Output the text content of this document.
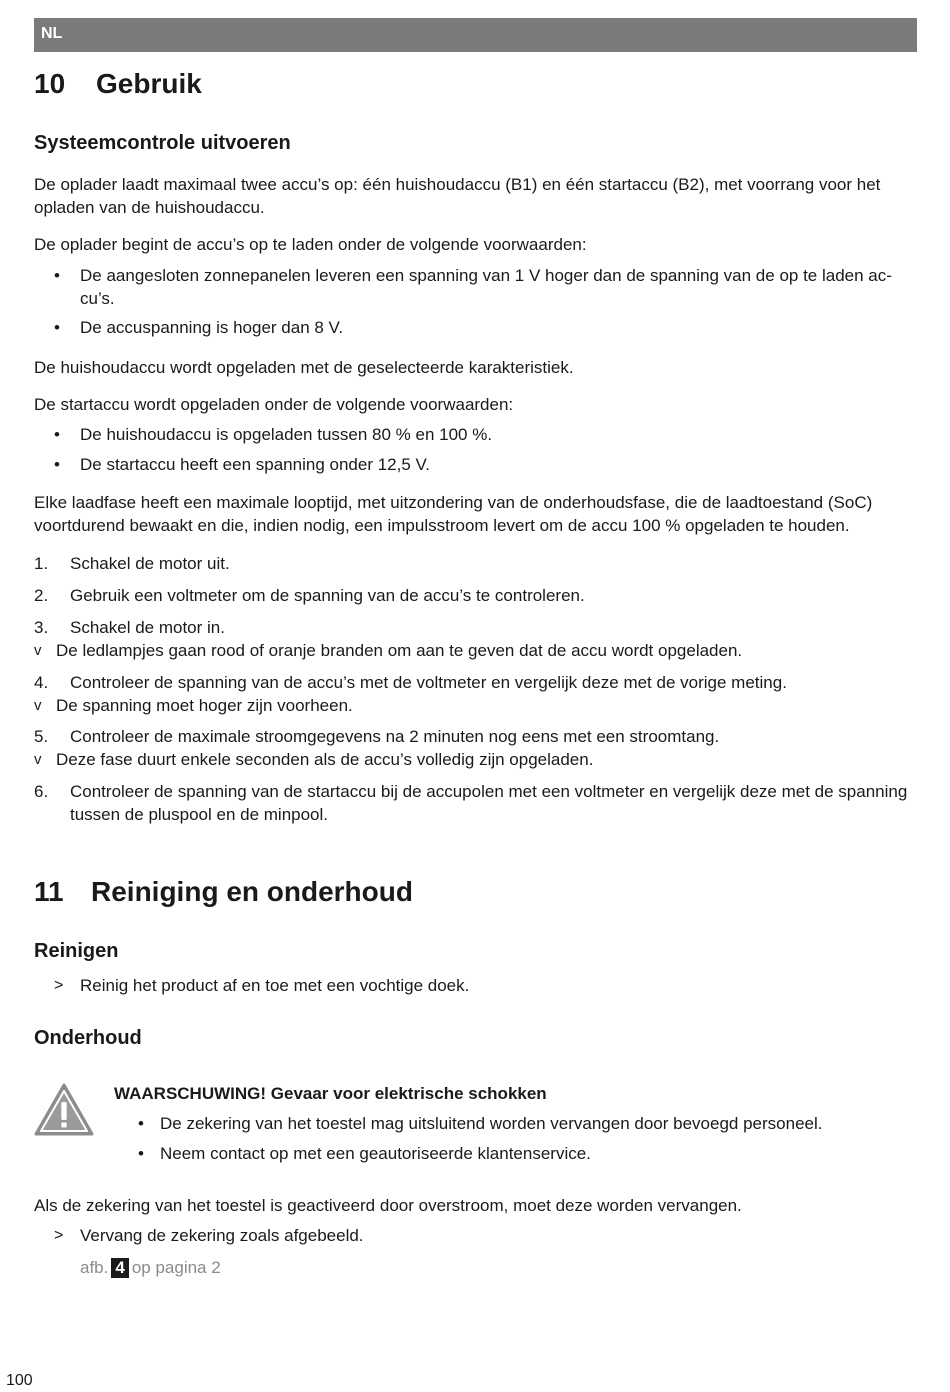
NL
10 Gebruik
Systeemcontrole uitvoeren

De oplader laadt maximaal twee accu’s op: één huishoudaccu (B1) en één startaccu (B2), met voorrang voor het opladen van de huishoudaccu.

De oplader begint de accu’s op te laden onder de volgende voorwaarden:

• De aangesloten zonnepanelen leveren een spanning van 1 V hoger dan de spanning van de op te laden ac-cu’s.
• De accuspanning is hoger dan 8 V.

De huishoudaccu wordt opgeladen met de geselecteerde karakteristiek.

De startaccu wordt opgeladen onder de volgende voorwaarden:

• De huishoudaccu is opgeladen tussen 80 % en 100 %.
• De startaccu heeft een spanning onder 12,5 V.

Elke laadfase heeft een maximale looptijd, met uitzondering van de onderhoudsfase, die de laadtoestand (SoC) voortdurend bewaakt en die, indien nodig, een impulsstroom levert om de accu 100 % opgeladen te houden.

1. Schakel de motor uit.
2. Gebruik een voltmeter om de spanning van de accu’s te controleren.
3. Schakel de motor in.
v De ledlampjes gaan rood of oranje branden om aan te geven dat de accu wordt opgeladen.
4. Controleer de spanning van de accu’s met de voltmeter en vergelijk deze met de vorige meting.
v De spanning moet hoger zijn voorheen.
5. Controleer de maximale stroomgegevens na 2 minuten nog eens met een stroomtang.
v Deze fase duurt enkele seconden als de accu’s volledig zijn opgeladen.
6. Controleer de spanning van de startaccu bij de accupolen met een voltmeter en vergelijk deze met de spanning tussen de pluspool en de minpool.
11 Reiniging en onderhoud
Reinigen
> Reinig het product af en toe met een vochtige doek.
Onderhoud
WAARSCHUWING! Gevaar voor elektrische schokken
• De zekering van het toestel mag uitsluitend worden vervangen door bevoegd personeel.
• Neem contact op met een geautoriseerde klantenservice.

Als de zekering van het toestel is geactiveerd door overstroom, moet deze worden vervangen.

> Vervang de zekering zoals afgebeeld.
afb. 4 op pagina 2
100
